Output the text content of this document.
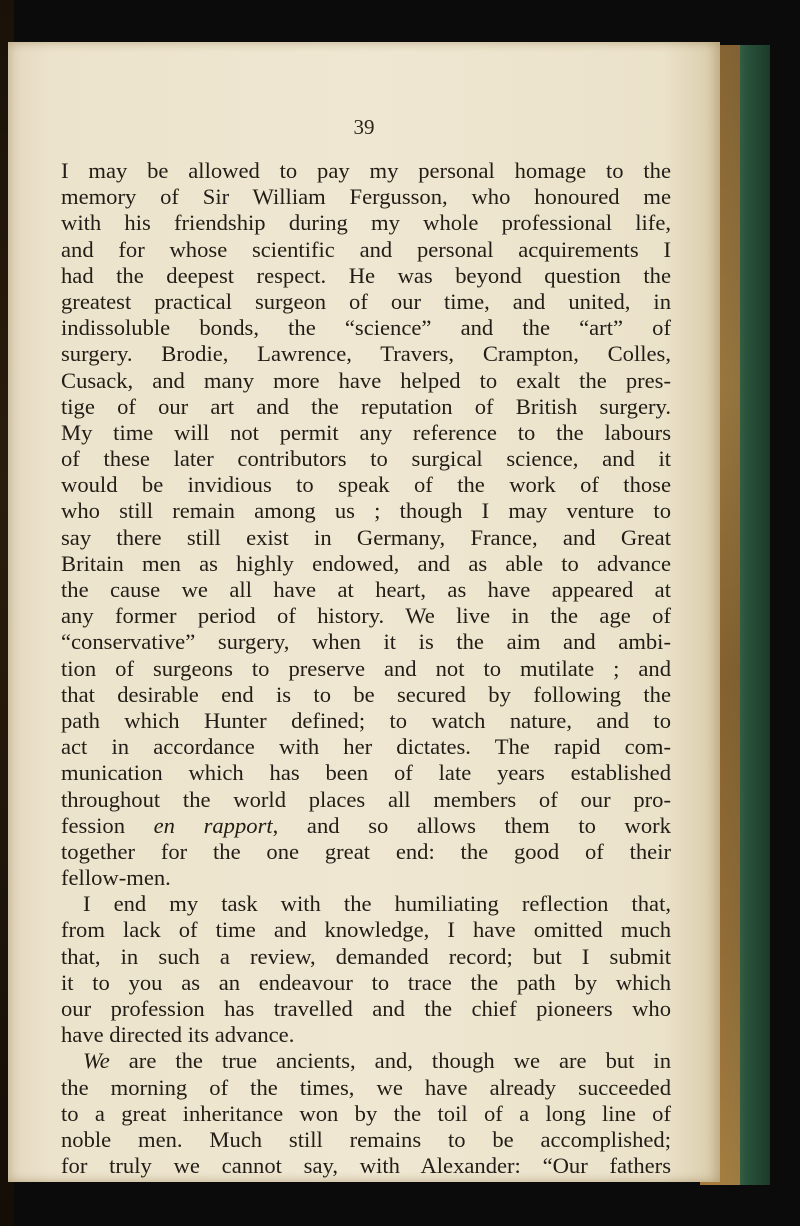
39
I may be allowed to pay my personal homage to the
memory of Sir William Fergusson, who honoured me
with his friendship during my whole professional life,
and for whose scientific and personal acquirements I
had the deepest respect. He was beyond question the
greatest practical surgeon of our time, and united, in
indissoluble bonds, the “science” and the “art” of
surgery. Brodie, Lawrence, Travers, Crampton, Colles,
Cusack, and many more have helped to exalt the pres-
tige of our art and the reputation of British surgery.
My time will not permit any reference to the labours
of these later contributors to surgical science, and it
would be invidious to speak of the work of those
who still remain among us ; though I may venture to
say there still exist in Germany, France, and Great
Britain men as highly endowed, and as able to advance
the cause we all have at heart, as have appeared at
any former period of history. We live in the age of
“conservative” surgery, when it is the aim and ambi-
tion of surgeons to preserve and not to mutilate ; and
that desirable end is to be secured by following the
path which Hunter defined; to watch nature, and to
act in accordance with her dictates. The rapid com-
munication which has been of late years established
throughout the world places all members of our pro-
fession en rapport, and so allows them to work
together for the one great end: the good of their
fellow-men.
I end my task with the humiliating reflection that,
from lack of time and knowledge, I have omitted much
that, in such a review, demanded record; but I submit
it to you as an endeavour to trace the path by which
our profession has travelled and the chief pioneers who
have directed its advance.
We are the true ancients, and, though we are but in
the morning of the times, we have already succeeded
to a great inheritance won by the toil of a long line of
noble men. Much still remains to be accomplished;
for truly we cannot say, with Alexander: “Our fathers
